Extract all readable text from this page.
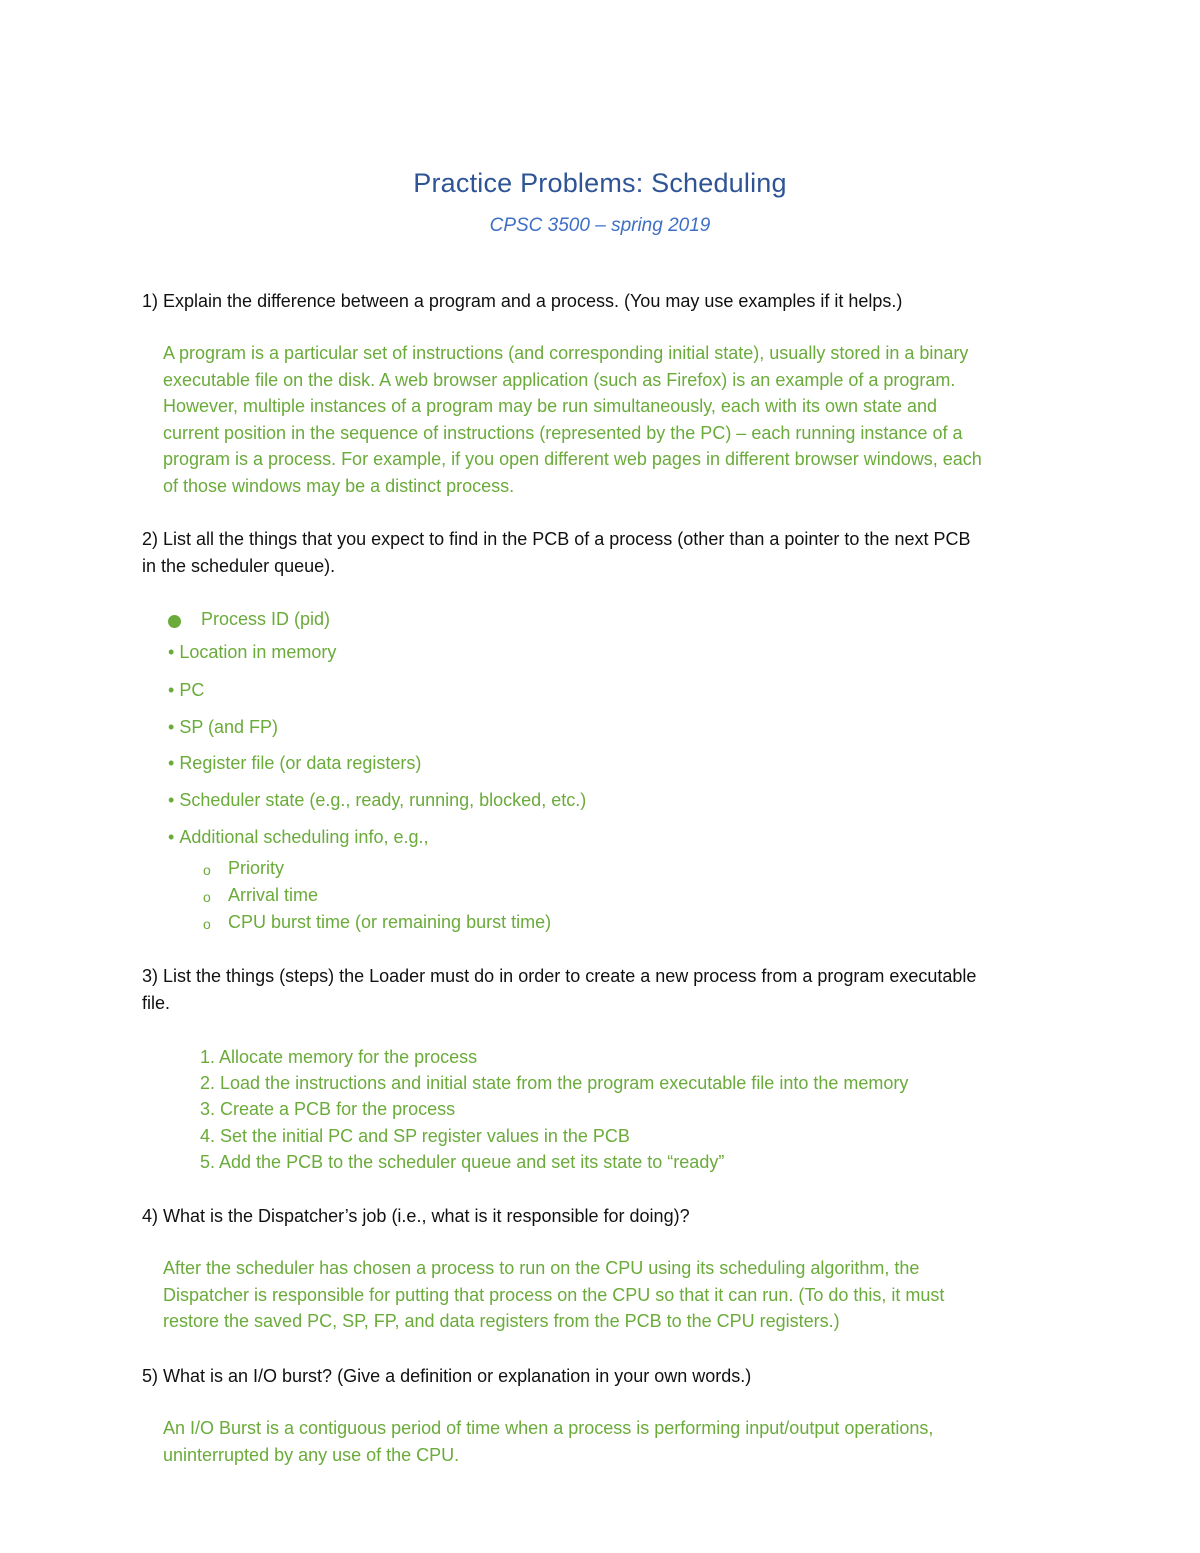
Practice Problems: Scheduling
CPSC 3500 – spring 2019
1) Explain the difference between a program and a process. (You may use examples if it helps.)
A program is a particular set of instructions (and corresponding initial state), usually stored in a binary
executable file on the disk. A web browser application (such as Firefox) is an example of a program.
However, multiple instances of a program may be run simultaneously, each with its own state and
current position in the sequence of instructions (represented by the PC) – each running instance of a
program is a process. For example, if you open different web pages in different browser windows, each
of those windows may be a distinct process.
2) List all the things that you expect to find in the PCB of a process (other than a pointer to the next PCB
in the scheduler queue).
Process ID (pid)
• Location in memory
• PC
• SP (and FP)
• Register file (or data registers)
• Scheduler state (e.g., ready, running, blocked, etc.)
• Additional scheduling info, e.g.,
o Priority
o Arrival time
o CPU burst time (or remaining burst time)
3) List the things (steps) the Loader must do in order to create a new process from a program executable
file.
1. Allocate memory for the process
2. Load the instructions and initial state from the program executable file into the memory
3. Create a PCB for the process
4. Set the initial PC and SP register values in the PCB
5. Add the PCB to the scheduler queue and set its state to “ready”
4) What is the Dispatcher’s job (i.e., what is it responsible for doing)?
After the scheduler has chosen a process to run on the CPU using its scheduling algorithm, the
Dispatcher is responsible for putting that process on the CPU so that it can run. (To do this, it must
restore the saved PC, SP, FP, and data registers from the PCB to the CPU registers.)
5) What is an I/O burst? (Give a definition or explanation in your own words.)
An I/O Burst is a contiguous period of time when a process is performing input/output operations,
uninterrupted by any use of the CPU.
